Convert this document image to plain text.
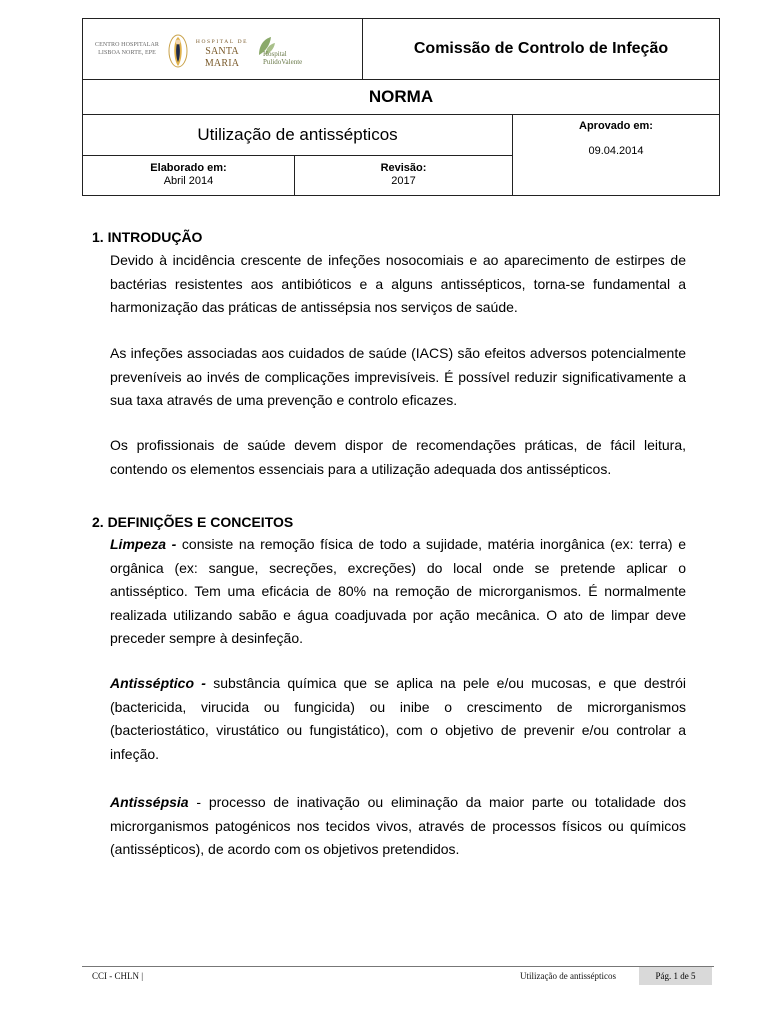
CENTRO HOSPITALAR
LISBOA NORTE, EPE
HOSPITAL DE
SANTA MARIA
Hospital
PulidoValente
Comissão de Controlo de Infeção
NORMA
Utilização de antissépticos	Aprovado em:
09.04.2014
Elaborado em:
Abril 2014
Revisão:
2017
1. INTRODUÇÃO
Devido à incidência crescente de infeções nosocomiais e ao aparecimento de estirpes de bactérias resistentes aos antibióticos e a alguns antissépticos, torna-se fundamental a harmonização das práticas de antissépsia nos serviços de saúde.
As infeções associadas aos cuidados de saúde (IACS) são efeitos adversos potencialmente preveníveis ao invés de complicações imprevisíveis. É possível reduzir significativamente a sua taxa através de uma prevenção e controlo eficazes.
Os profissionais de saúde devem dispor de recomendações práticas, de fácil leitura, contendo os elementos essenciais para a utilização adequada dos antissépticos.
2. DEFINIÇÕES E CONCEITOS
Limpeza - consiste na remoção física de todo a sujidade, matéria inorgânica (ex: terra) e orgânica (ex: sangue, secreções, excreções) do local onde se pretende aplicar o antisséptico. Tem uma eficácia de 80% na remoção de microrganismos. É normalmente realizada utilizando sabão e água coadjuvada por ação mecânica. O ato de limpar deve preceder sempre à desinfeção.
Antisséptico - substância química que se aplica na pele e/ou mucosas, e que destrói (bactericida, virucida ou fungicida) ou inibe o crescimento de microrganismos (bacteriostático, virustático ou fungistático), com o objetivo de prevenir e/ou controlar a infeção.
Antissépsia - processo de inativação ou eliminação da maior parte ou totalidade dos microrganismos patogénicos nos tecidos vivos, através de processos físicos ou químicos (antissépticos), de acordo com os objetivos pretendidos.
CCI - CHLN |	Utilização de antissépticos	Pág. 1 de 5
